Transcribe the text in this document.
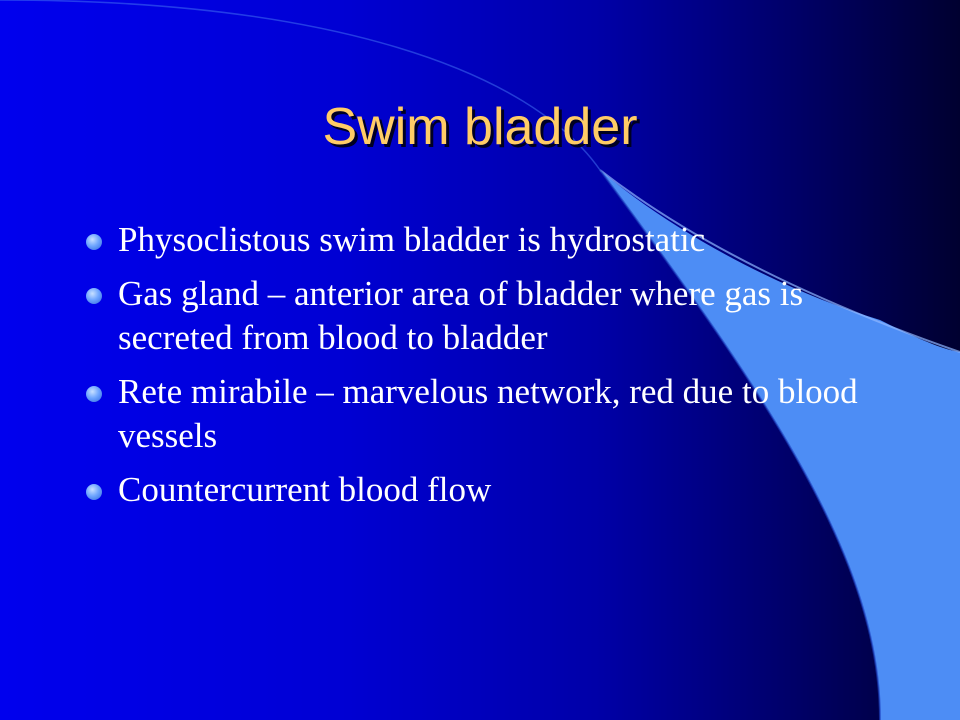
Swim bladder
Physoclistous swim bladder is hydrostatic
Gas gland – anterior area of bladder where gas is secreted from blood to bladder
Rete mirabile – marvelous network, red due to blood vessels
Countercurrent blood flow
